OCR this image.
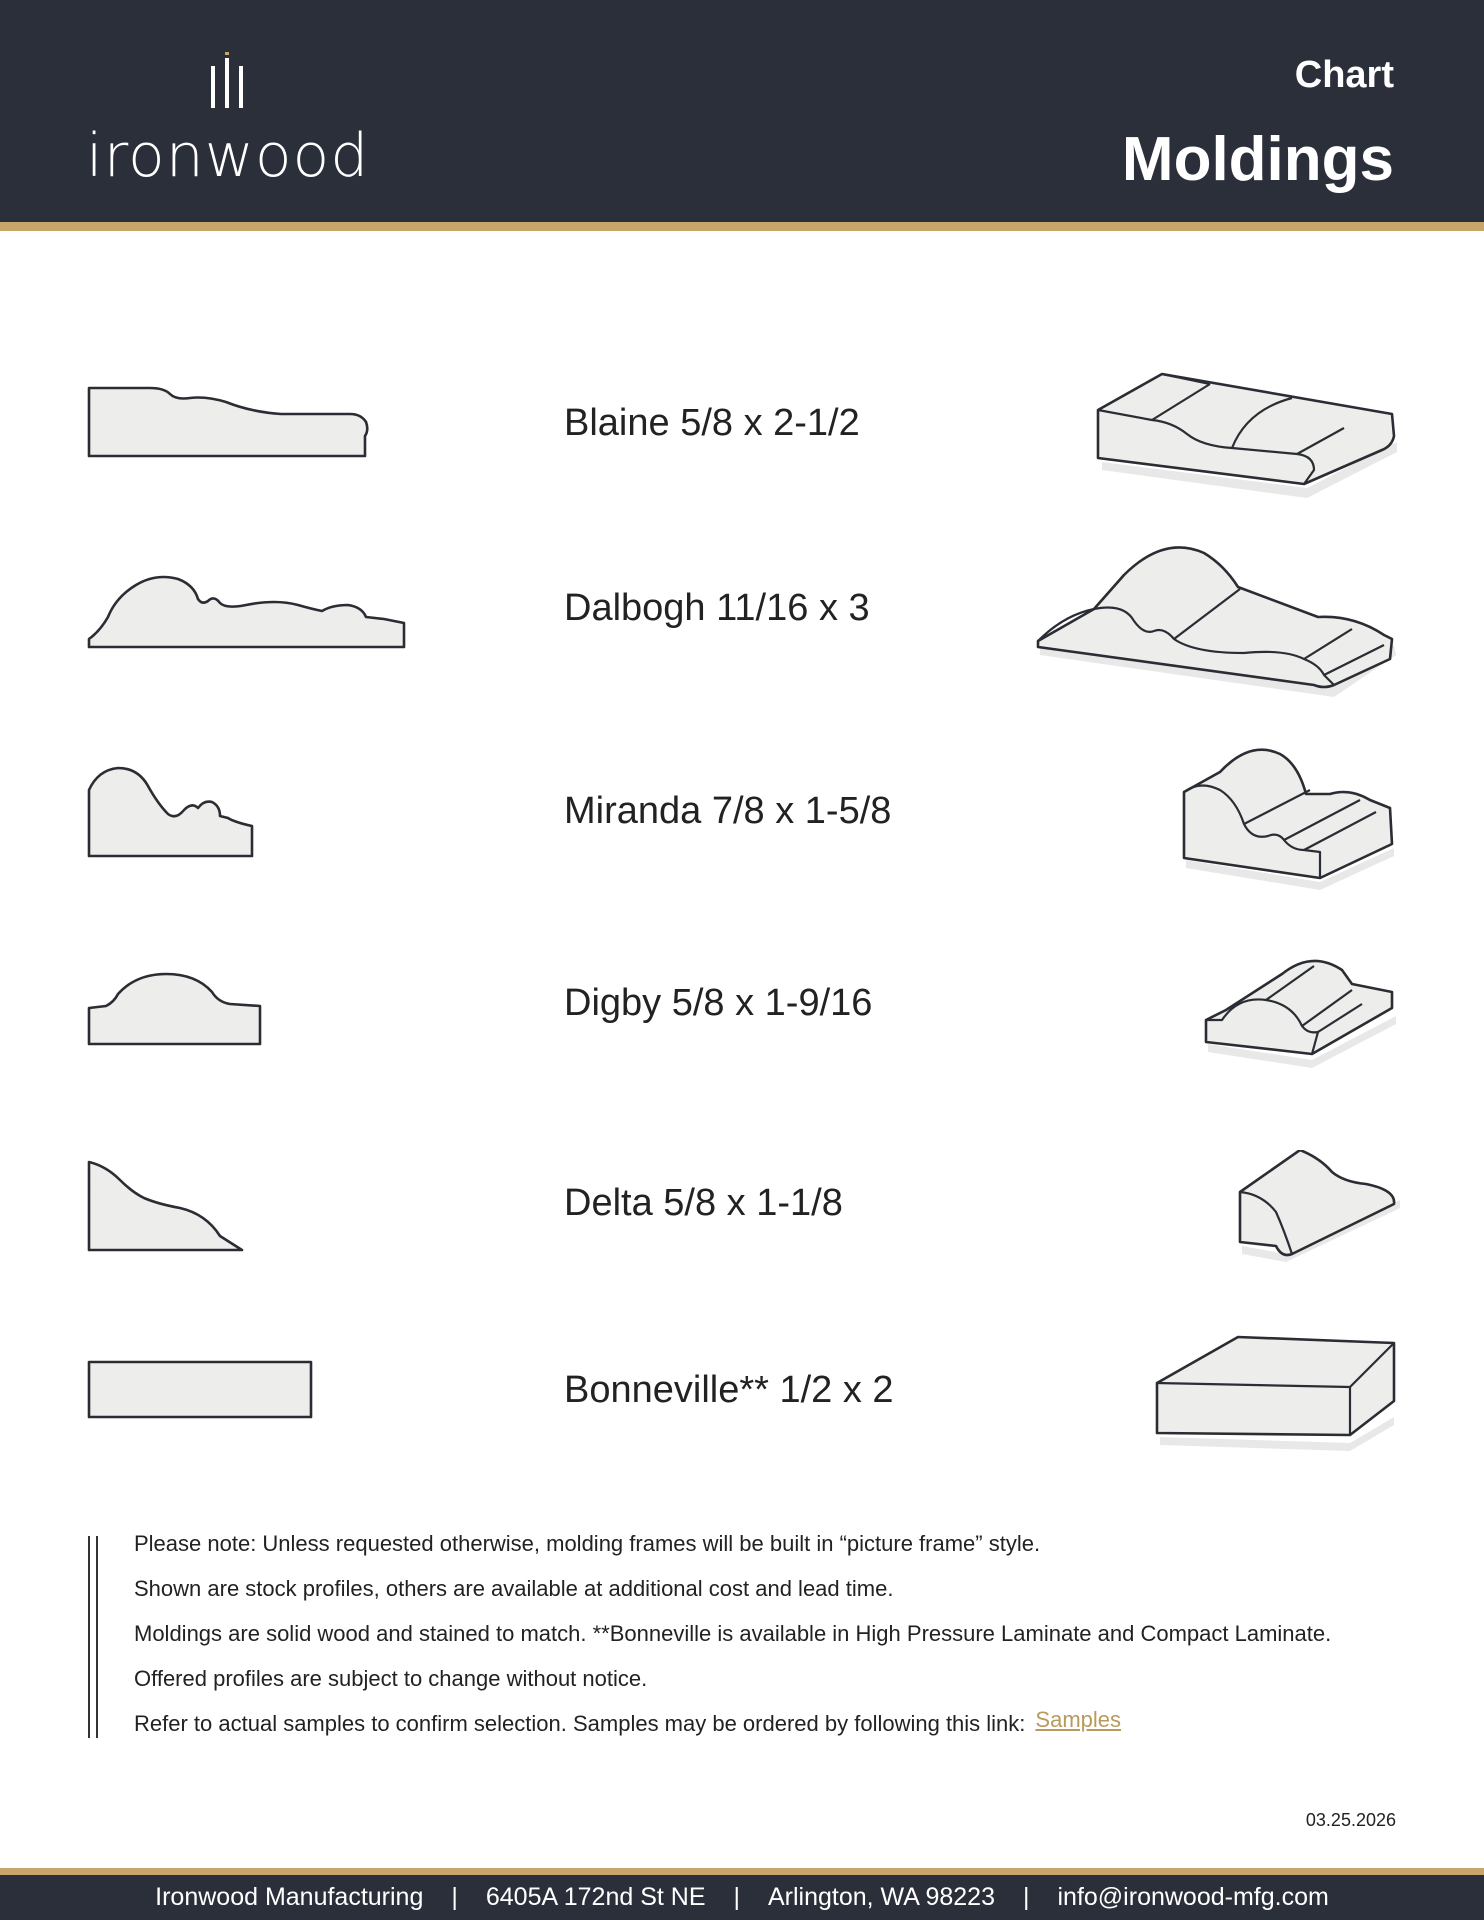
ironwood
Chart
Moldings
Blaine 5/8 x 2-1/2
Dalbogh 11/16 x 3
Miranda 7/8 x 1-5/8
Digby 5/8 x 1-9/16
Delta 5/8 x 1-1/8
Bonneville** 1/2 x 2
Please note: Unless requested otherwise, molding frames will be built in “picture frame” style.
Shown are stock profiles, others are available at additional cost and lead time.
Moldings are solid wood and stained to match. **Bonneville is available in High Pressure Laminate and Compact Laminate.
Offered profiles are subject to change without notice.
Refer to actual samples to confirm selection. Samples may be ordered by following this link: Samples
03.25.2026
Ironwood Manufacturing | 6405A 172nd St NE | Arlington, WA 98223 | info@ironwood-mfg.com
